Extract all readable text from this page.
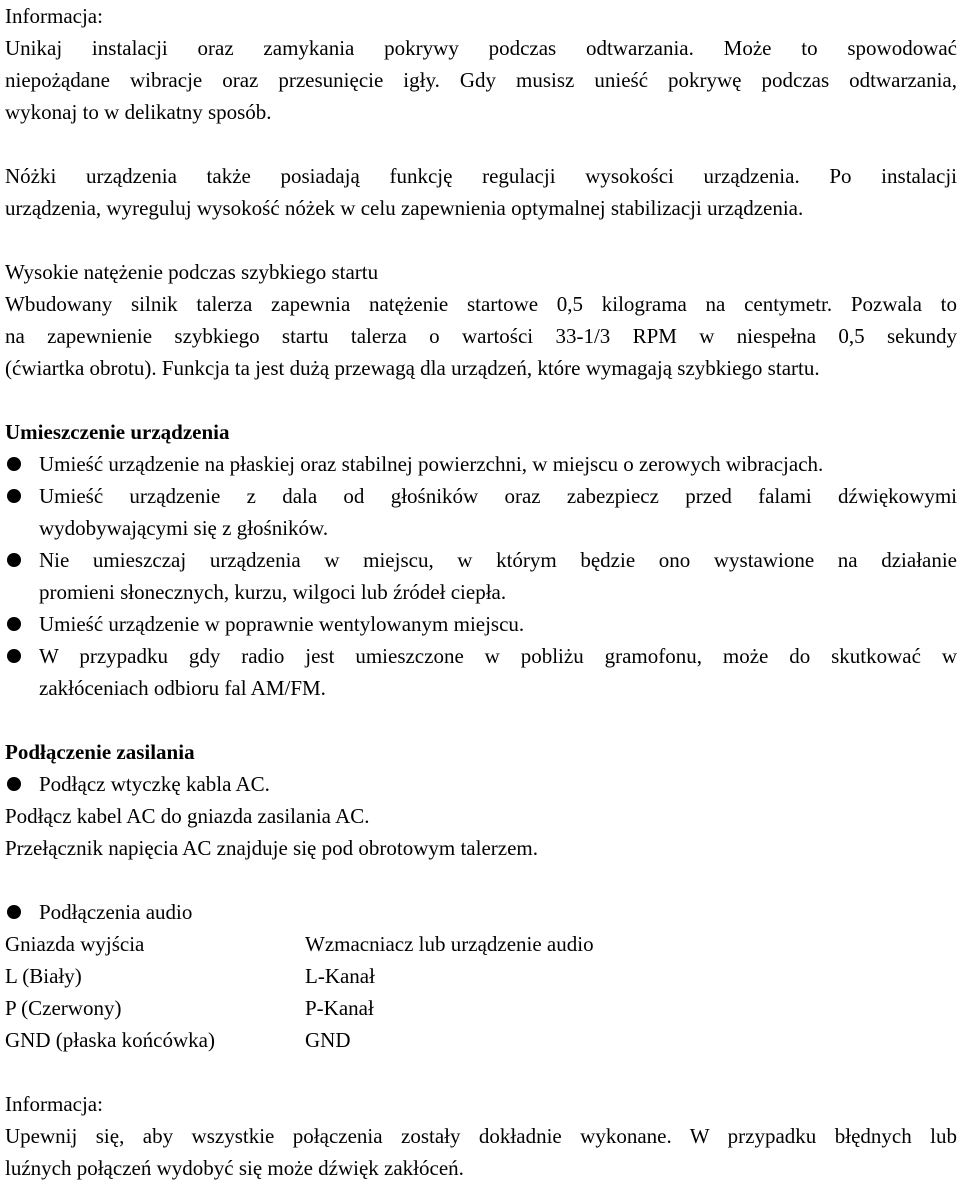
Informacja:
Unikaj instalacji oraz zamykania pokrywy podczas odtwarzania. Może to spowodować
niepożądane wibracje oraz przesunięcie igły. Gdy musisz unieść pokrywę podczas odtwarzania,
wykonaj to w delikatny sposób.
Nóżki urządzenia także posiadają funkcję regulacji wysokości urządzenia. Po instalacji
urządzenia, wyreguluj wysokość nóżek w celu zapewnienia optymalnej stabilizacji urządzenia.
Wysokie natężenie podczas szybkiego startu
Wbudowany silnik talerza zapewnia natężenie startowe 0,5 kilograma na centymetr. Pozwala to
na zapewnienie szybkiego startu talerza o wartości 33-1/3 RPM w niespełna 0,5 sekundy
(ćwiartka obrotu). Funkcja ta jest dużą przewagą dla urządzeń, które wymagają szybkiego startu.
Umieszczenie urządzenia
Umieść urządzenie na płaskiej oraz stabilnej powierzchni, w miejscu o zerowych wibracjach.
Umieść urządzenie z dala od głośników oraz zabezpiecz przed falami dźwiękowymi
wydobywającymi się z głośników.
Nie umieszczaj urządzenia w miejscu, w którym będzie ono wystawione na działanie
promieni słonecznych, kurzu, wilgoci lub źródeł ciepła.
Umieść urządzenie w poprawnie wentylowanym miejscu.
W przypadku gdy radio jest umieszczone w pobliżu gramofonu, może do skutkować w
zakłóceniach odbioru fal AM/FM.
Podłączenie zasilania
Podłącz wtyczkę kabla AC.
Podłącz kabel AC do gniazda zasilania AC.
Przełącznik napięcia AC znajduje się pod obrotowym talerzem.
Podłączenia audio
Gniazda wyjścia	Wzmacniacz lub urządzenie audio
L (Biały)	L-Kanał
P (Czerwony)	P-Kanał
GND (płaska końcówka)	GND
Informacja:
Upewnij się, aby wszystkie połączenia zostały dokładnie wykonane. W przypadku błędnych lub
luźnych połączeń wydobyć się może dźwięk zakłóceń.
